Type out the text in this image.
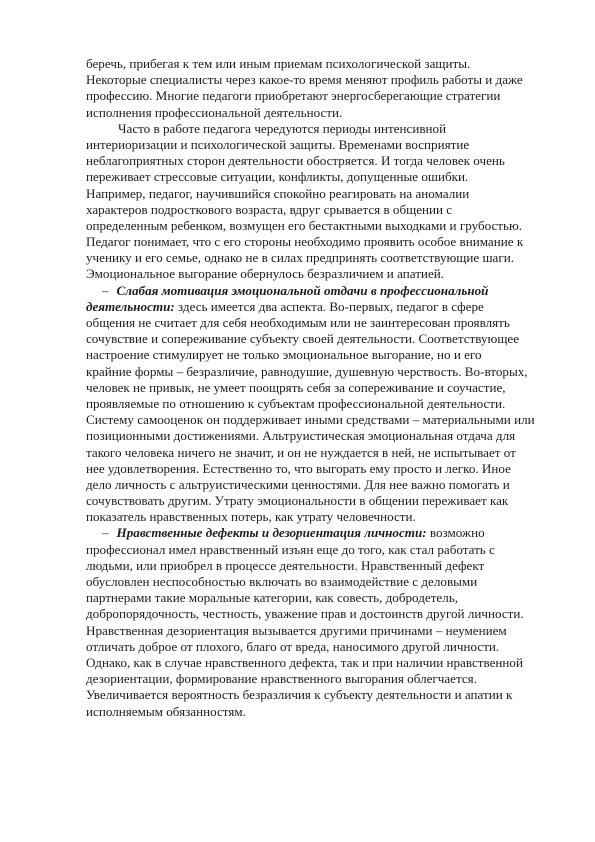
беречь, прибегая к тем или иным приемам психологической защиты.
Некоторые специалисты через какое-то время меняют профиль работы и даже
профессию. Многие педагоги приобретают энергосберегающие стратегии
исполнения профессиональной деятельности.
Часто в работе педагога чередуются периоды интенсивной
интериоризации и психологической защиты. Временами восприятие
неблагоприятных сторон деятельности обостряется. И тогда человек очень
переживает стрессовые ситуации, конфликты, допущенные ошибки.
Например, педагог, научившийся спокойно реагировать на аномалии
характеров подросткового возраста, вдруг срывается в общении с
определенным ребенком, возмущен его бестактными выходками и грубостью.
Педагог понимает, что с его стороны необходимо проявить особое внимание к
ученику и его семье, однако не в силах предпринять соответствующие шаги.
Эмоциональное выгорание обернулось безразличием и апатией.
– Слабая мотивация эмоциональной отдачи в профессиональной
деятельности: здесь имеется два аспекта. Во-первых, педагог в сфере
общения не считает для себя необходимым или не заинтересован проявлять
сочувствие и сопереживание субъекту своей деятельности. Соответствующее
настроение стимулирует не только эмоциональное выгорание, но и его
крайние формы – безразличие, равнодушие, душевную черствость. Во-вторых,
человек не привык, не умеет поощрять себя за сопереживание и соучастие,
проявляемые по отношению к субъектам профессиональной деятельности.
Систему самооценок он поддерживает иными средствами – материальными или
позиционными достижениями. Альтруистическая эмоциональная отдача для
такого человека ничего не значит, и он не нуждается в ней, не испытывает от
нее удовлетворения. Естественно то, что выгорать ему просто и легко. Иное
дело личность с альтруистическими ценностями. Для нее важно помогать и
сочувствовать другим. Утрату эмоциональности в общении переживает как
показатель нравственных потерь, как утрату человечности.
– Нравственные дефекты и дезориентация личности: возможно
профессионал имел нравственный изъян еще до того, как стал работать с
людьми, или приобрел в процессе деятельности. Нравственный дефект
обусловлен неспособностью включать во взаимодействие с деловыми
партнерами такие моральные категории, как совесть, добродетель,
добропорядочность, честность, уважение прав и достоинств другой личности.
Нравственная дезориентация вызывается другими причинами – неумением
отличать доброе от плохого, благо от вреда, наносимого другой личности.
Однако, как в случае нравственного дефекта, так и при наличии нравственной
дезориентации, формирование нравственного выгорания облегчается.
Увеличивается вероятность безразличия к субъекту деятельности и апатии к
исполняемым обязанностям.
